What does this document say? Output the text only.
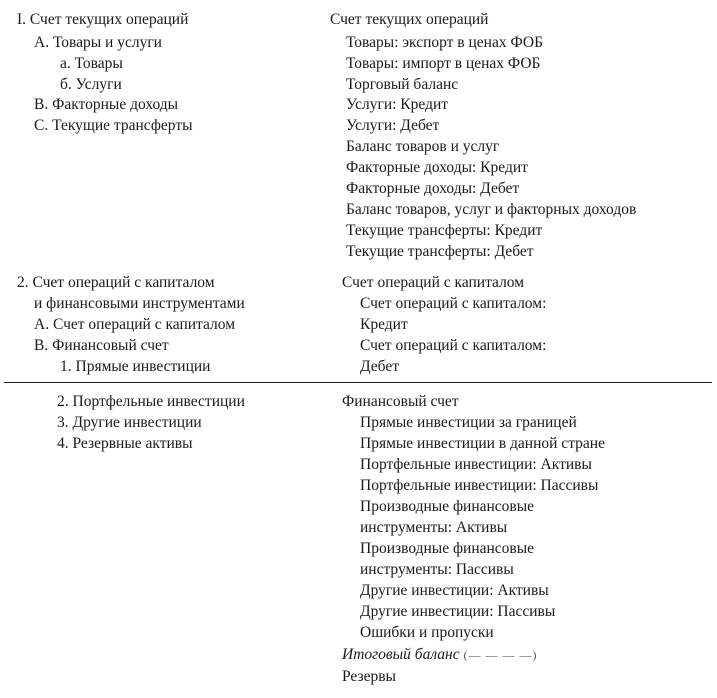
I. Счет текущих операций
А. Товары и услуги
а. Товары
б. Услуги
В. Факторные доходы
С. Текущие трансферты
Счет текущих операций
Товары: экспорт в ценах ФОБ
Товары: импорт в ценах ФОБ
Торговый баланс
Услуги: Кредит
Услуги: Дебет
Баланс товаров и услуг
Факторные доходы: Кредит
Факторные доходы: Дебет
Баланс товаров, услуг и факторных доходов
Текущие трансферты: Кредит
Текущие трансферты: Дебет
2. Счет операций с капиталом
и финансовыми инструментами
А. Счет операций с капиталом
В. Финансовый счет
1. Прямые инвестиции
Счет операций с капиталом
Счет операций с капиталом:
Кредит
Счет операций с капиталом:
Дебет
2. Портфельные инвестиции
3. Другие инвестиции
4. Резервные активы
Финансовый счет
Прямые инвестиции за границей
Прямые инвестиции в данной стране
Портфельные инвестиции: Активы
Портфельные инвестиции: Пассивы
Производные финансовые
инструменты: Активы
Производные финансовые
инструменты: Пассивы
Другие инвестиции: Активы
Другие инвестиции: Пассивы
Ошибки и пропуски
Итоговый баланс (— — — —)
Резервы
